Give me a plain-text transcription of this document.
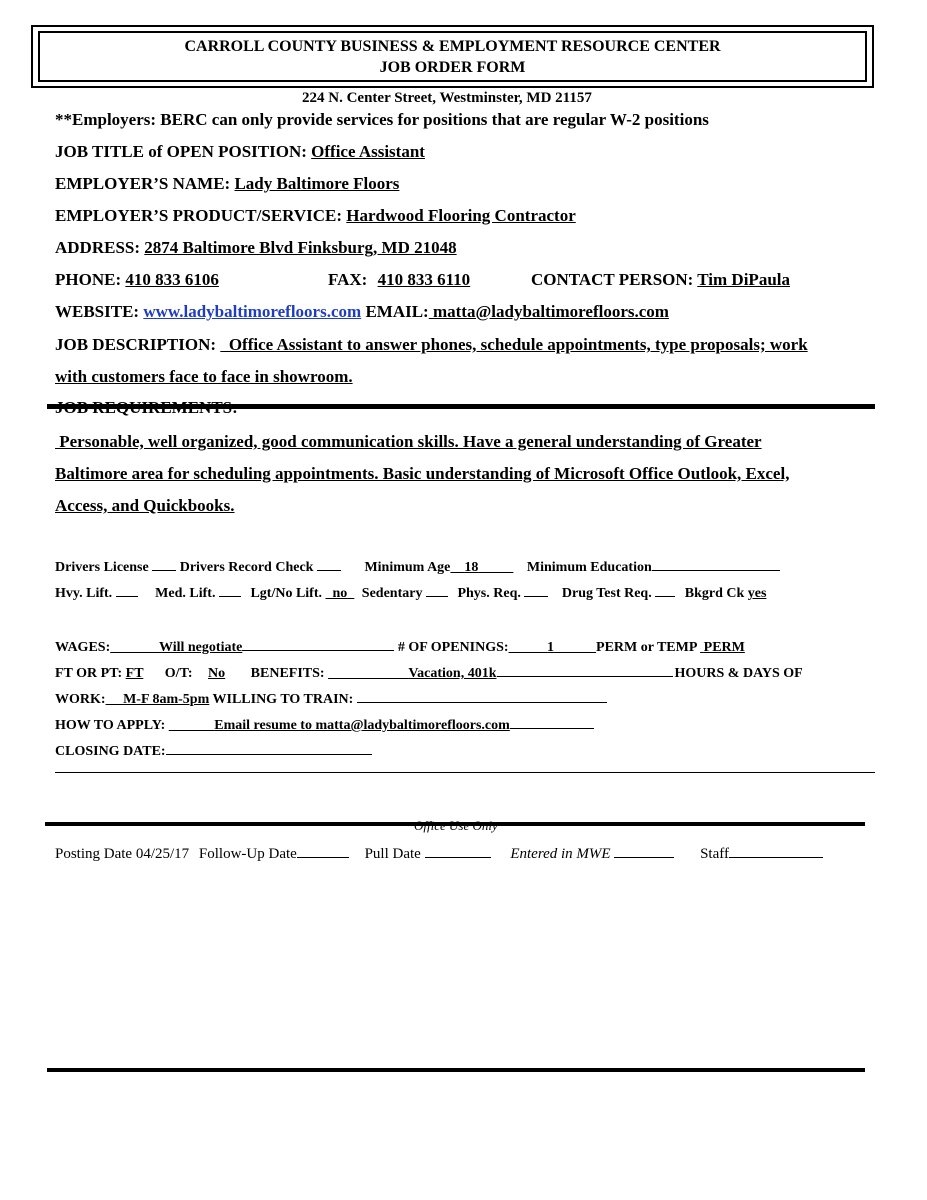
CARROLL COUNTY BUSINESS & EMPLOYMENT RESOURCE CENTER
JOB ORDER FORM
224 N. Center Street, Westminster, MD 21157
**Employers: BERC can only provide services for positions that are regular W-2 positions
JOB TITLE of OPEN POSITION: Office Assistant
EMPLOYER’S NAME: Lady Baltimore Floors
EMPLOYER’S PRODUCT/SERVICE: Hardwood Flooring Contractor
ADDRESS: 2874 Baltimore Blvd Finksburg, MD 21048
PHONE: 410 833 6106	FAX: 410 833 6110	CONTACT PERSON: Tim DiPaula
WEBSITE: www.ladybaltimorefloors.com EMAIL: matta@ladybaltimorefloors.com
JOB DESCRIPTION:   Office Assistant to answer phones, schedule appointments, type proposals; work
with customers face to face in showroom.
Personable, well organized, good communication skills. Have a general understanding of Greater
Baltimore area for scheduling appointments. Basic understanding of Microsoft Office Outlook, Excel,
Access, and Quickbooks.
Drivers License Drivers Record Check	Minimum Age 18	Minimum Education
Hvy. Lift.	Med. Lift.	Lgt/No Lift. no Sedentary	Phys. Req.	Drug Test Req. Bkgrd Ck yes
WAGES:	Will negotiate	# OF OPENINGS:	1	PERM or TEMP PERM
FT OR PT: FT O/T: No BENEFITS:	Vacation, 401k	HOURS & DAYS OF
WORK: M-F 8am-5pm WILLING TO TRAIN:
HOW TO APPLY:	Email resume to matta@ladybaltimorefloors.com
CLOSING DATE:
Posting Date 04/25/17 Follow-Up Date	Pull Date	Entered in MWE	Staff
